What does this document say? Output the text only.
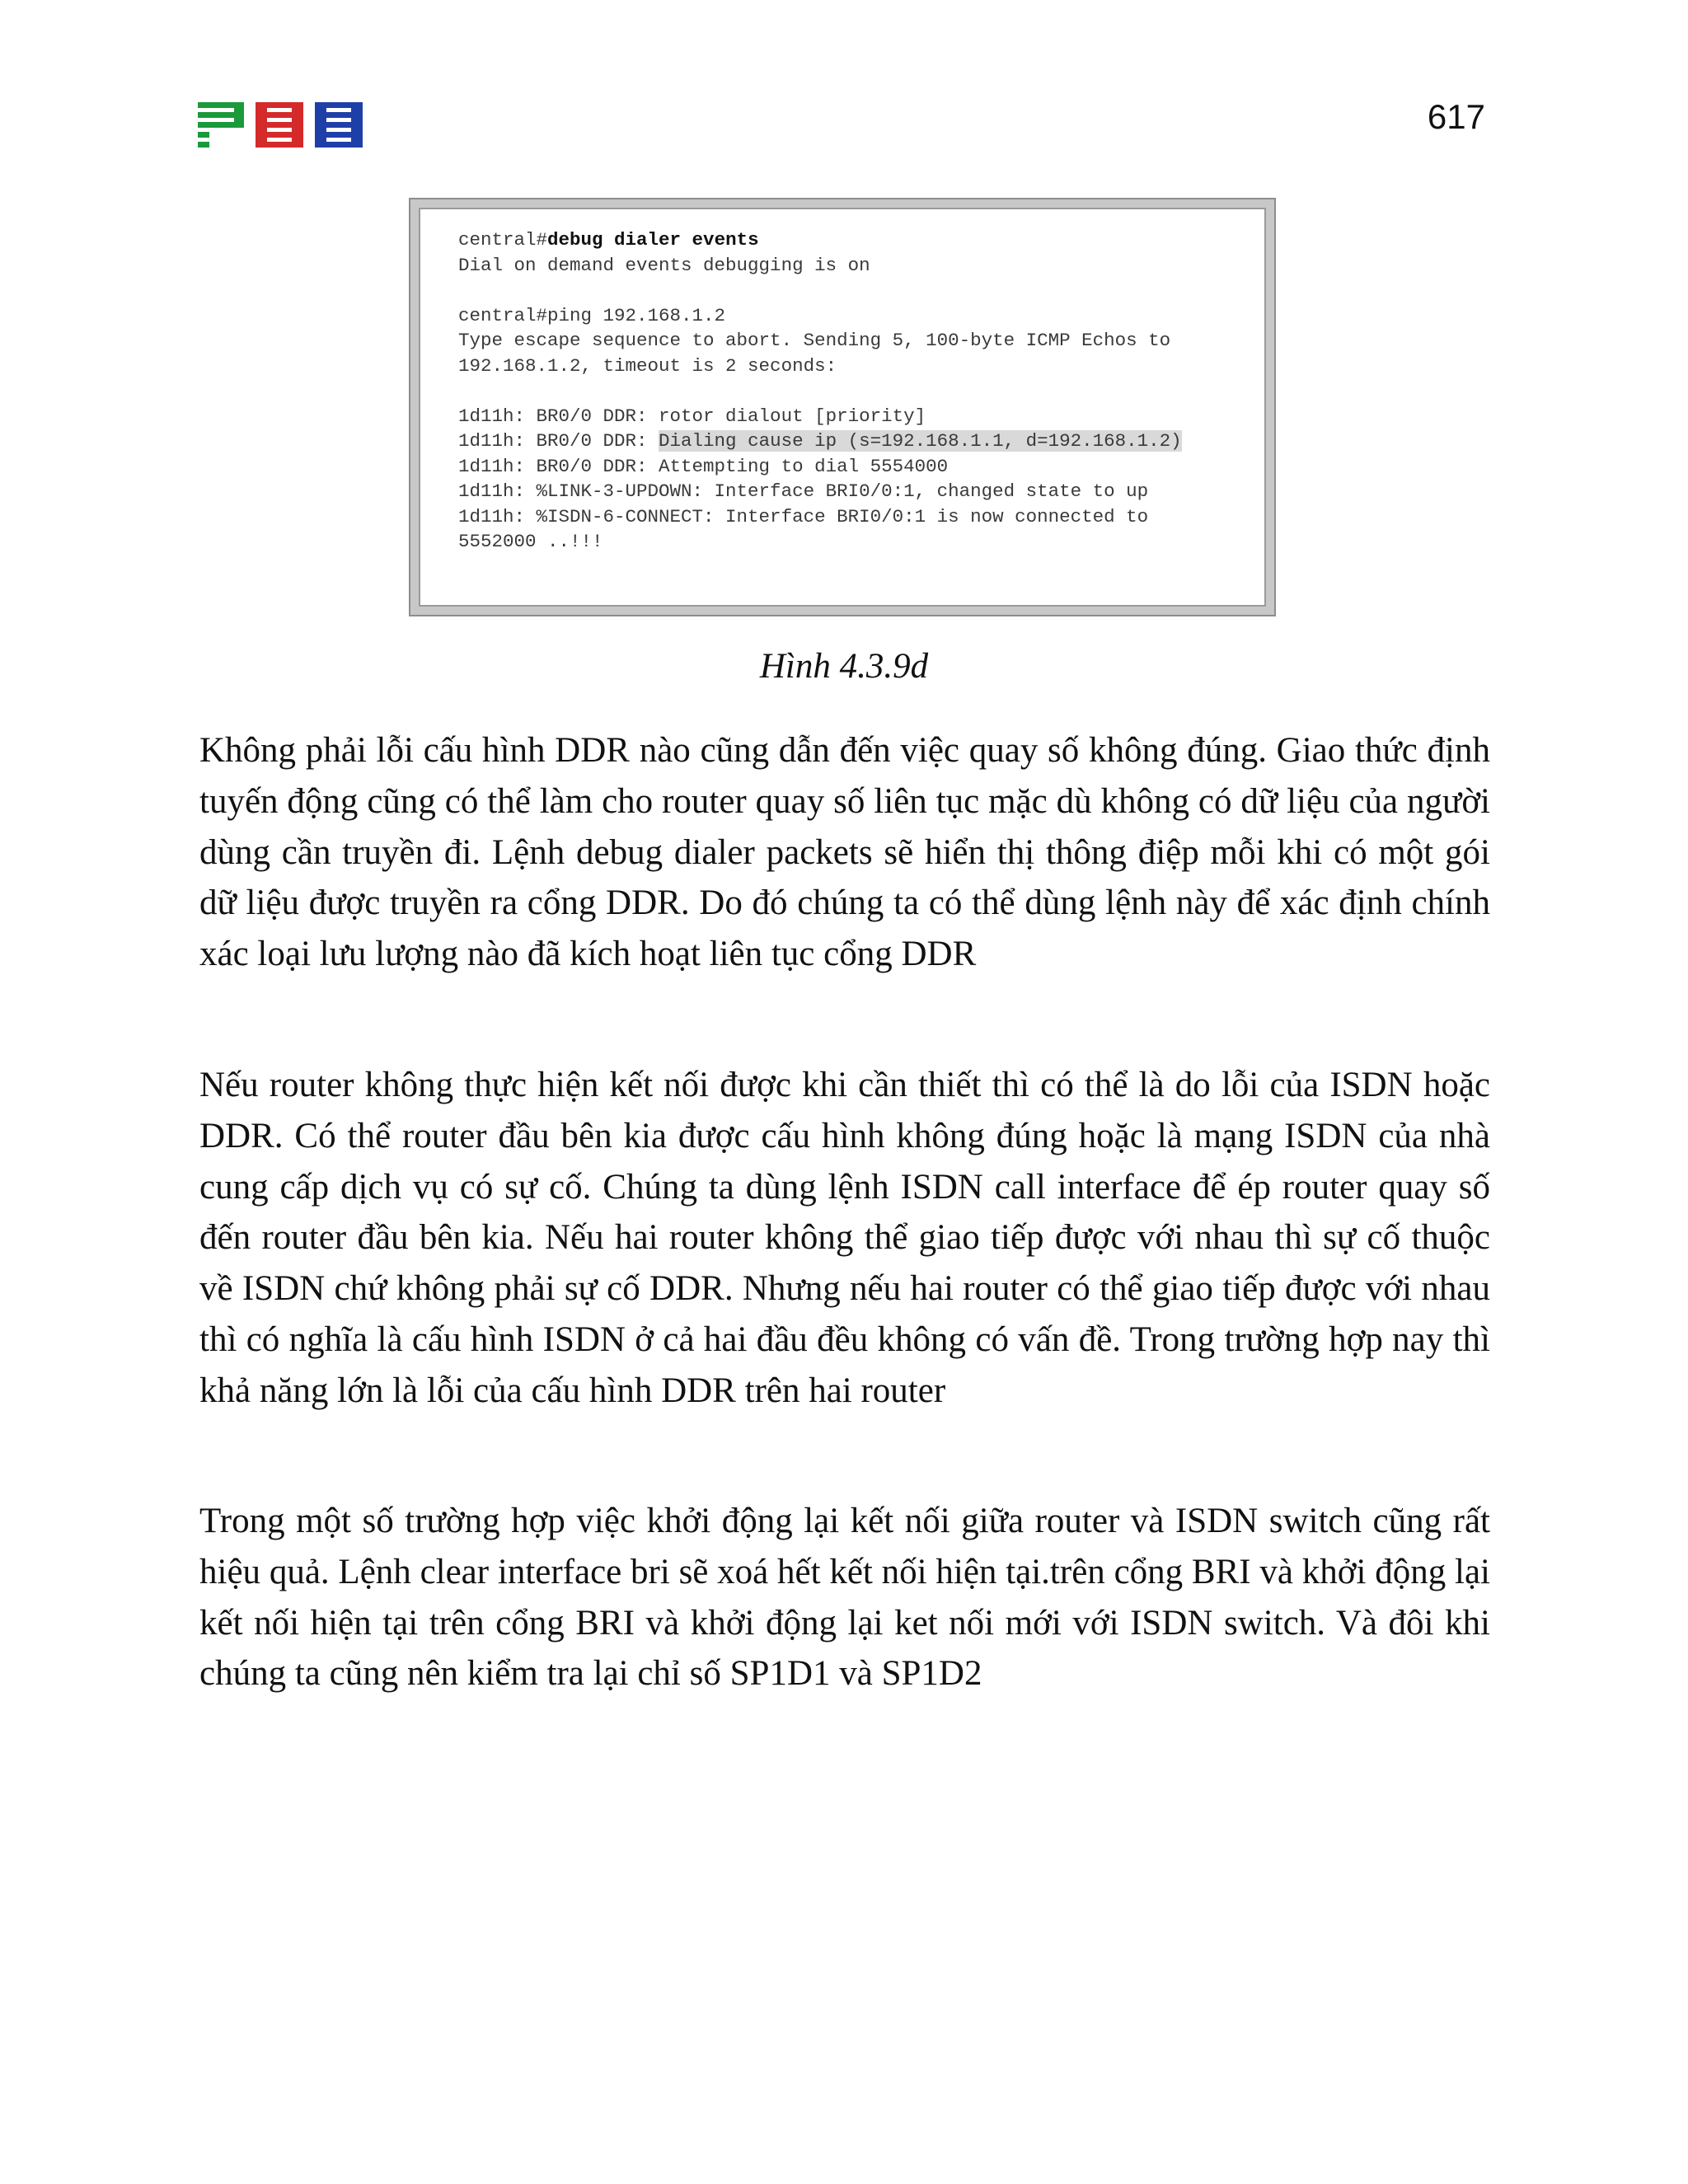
617
central#debug dialer events
Dial on demand events debugging is on
central#ping 192.168.1.2
Type escape sequence to abort. Sending 5, 100-byte ICMP Echos to
192.168.1.2, timeout is 2 seconds:
1d11h: BR0/0 DDR: rotor dialout [priority]
1d11h: BR0/0 DDR: Dialing cause ip (s=192.168.1.1, d=192.168.1.2)
1d11h: BR0/0 DDR: Attempting to dial 5554000
1d11h: %LINK-3-UPDOWN: Interface BRI0/0:1, changed state to up
1d11h: %ISDN-6-CONNECT: Interface BRI0/0:1 is now connected to
5552000 ..!!!
Hình 4.3.9d

Không phải lỗi cấu hình DDR nào cũng dẫn đến việc quay số không đúng. Giao thức định tuyến động cũng có thể làm cho router quay số liên tục mặc dù không có dữ liệu của người dùng cần truyền đi. Lệnh debug dialer packets sẽ hiển thị thông điệp mỗi khi có một gói dữ liệu được truyền ra cổng DDR. Do đó chúng ta có thể dùng lệnh này để xác định chính xác loại lưu lượng nào đã kích hoạt liên tục cổng DDR

Nếu router không thực hiện kết nối được khi cần thiết thì có thể là do lỗi của ISDN hoặc DDR. Có thể router đầu bên kia được cấu hình không đúng hoặc là mạng ISDN của nhà cung cấp dịch vụ có sự cố. Chúng ta dùng lệnh ISDN call interface để ép router quay số đến router đầu bên kia. Nếu hai router không thể giao tiếp được với nhau thì sự cố thuộc về ISDN chứ không phải sự cố DDR. Nhưng nếu hai router có thể giao tiếp được với nhau thì có nghĩa là cấu hình ISDN ở cả hai đầu đều không có vấn đề. Trong trường hợp nay thì khả năng lớn là lỗi của cấu hình DDR trên hai router

Trong một số trường hợp việc khởi động lại kết nối giữa router và ISDN switch cũng rất hiệu quả. Lệnh clear interface bri sẽ xoá hết kết nối hiện tại.trên cổng BRI và khởi động lại kết nối hiện tại trên cổng BRI và khởi động lại ket nối mới với ISDN switch. Và đôi khi chúng ta cũng nên kiểm tra lại chỉ số SP1D1 và SP1D2
